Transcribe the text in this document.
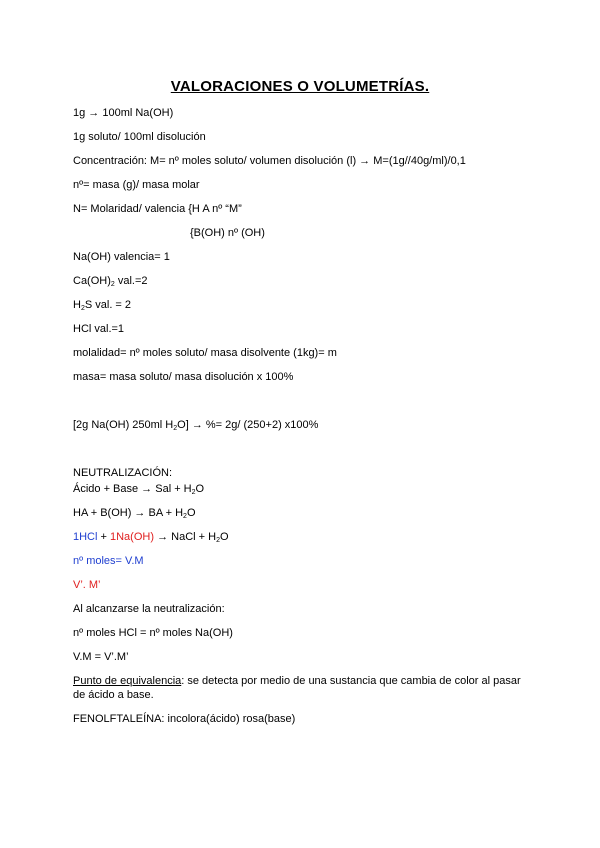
VALORACIONES O VOLUMETRÍAS.
1g → 100ml Na(OH)
1g soluto/ 100ml disolución
Concentración: M= nº moles soluto/ volumen disolución (l) → M=(1g//40g/ml)/0,1
nº= masa (g)/ masa molar
N= Molaridad/ valencia {H A nº “M”
{B(OH) nº (OH)
Na(OH) valencia= 1
$Ca(OH)_2$ val.=2
$H_2S$ val. = 2
HCl val.=1
molalidad= nº moles soluto/ masa disolvente (1kg)= m
masa= masa soluto/ masa disolución x 100%
[2g Na(OH) 250ml $H_2O$] → %= 2g/ (250+2) x100%
NEUTRALIZACIÓN:
Ácido + Base → Sal + $H_2O$
HA + B(OH) → BA + $H_2O$
1HCl + 1Na(OH) → NaCl + $H_2O$
nº moles= V.M
V’. M’
Al alcanzarse la neutralización:
nº moles HCl = nº moles Na(OH)
V.M = V’.M’
Punto de equivalencia: se detecta por medio de una sustancia que cambia de color al pasar de ácido a base.
FENOLFTALEÍNA: incolora(ácido) rosa(base)
